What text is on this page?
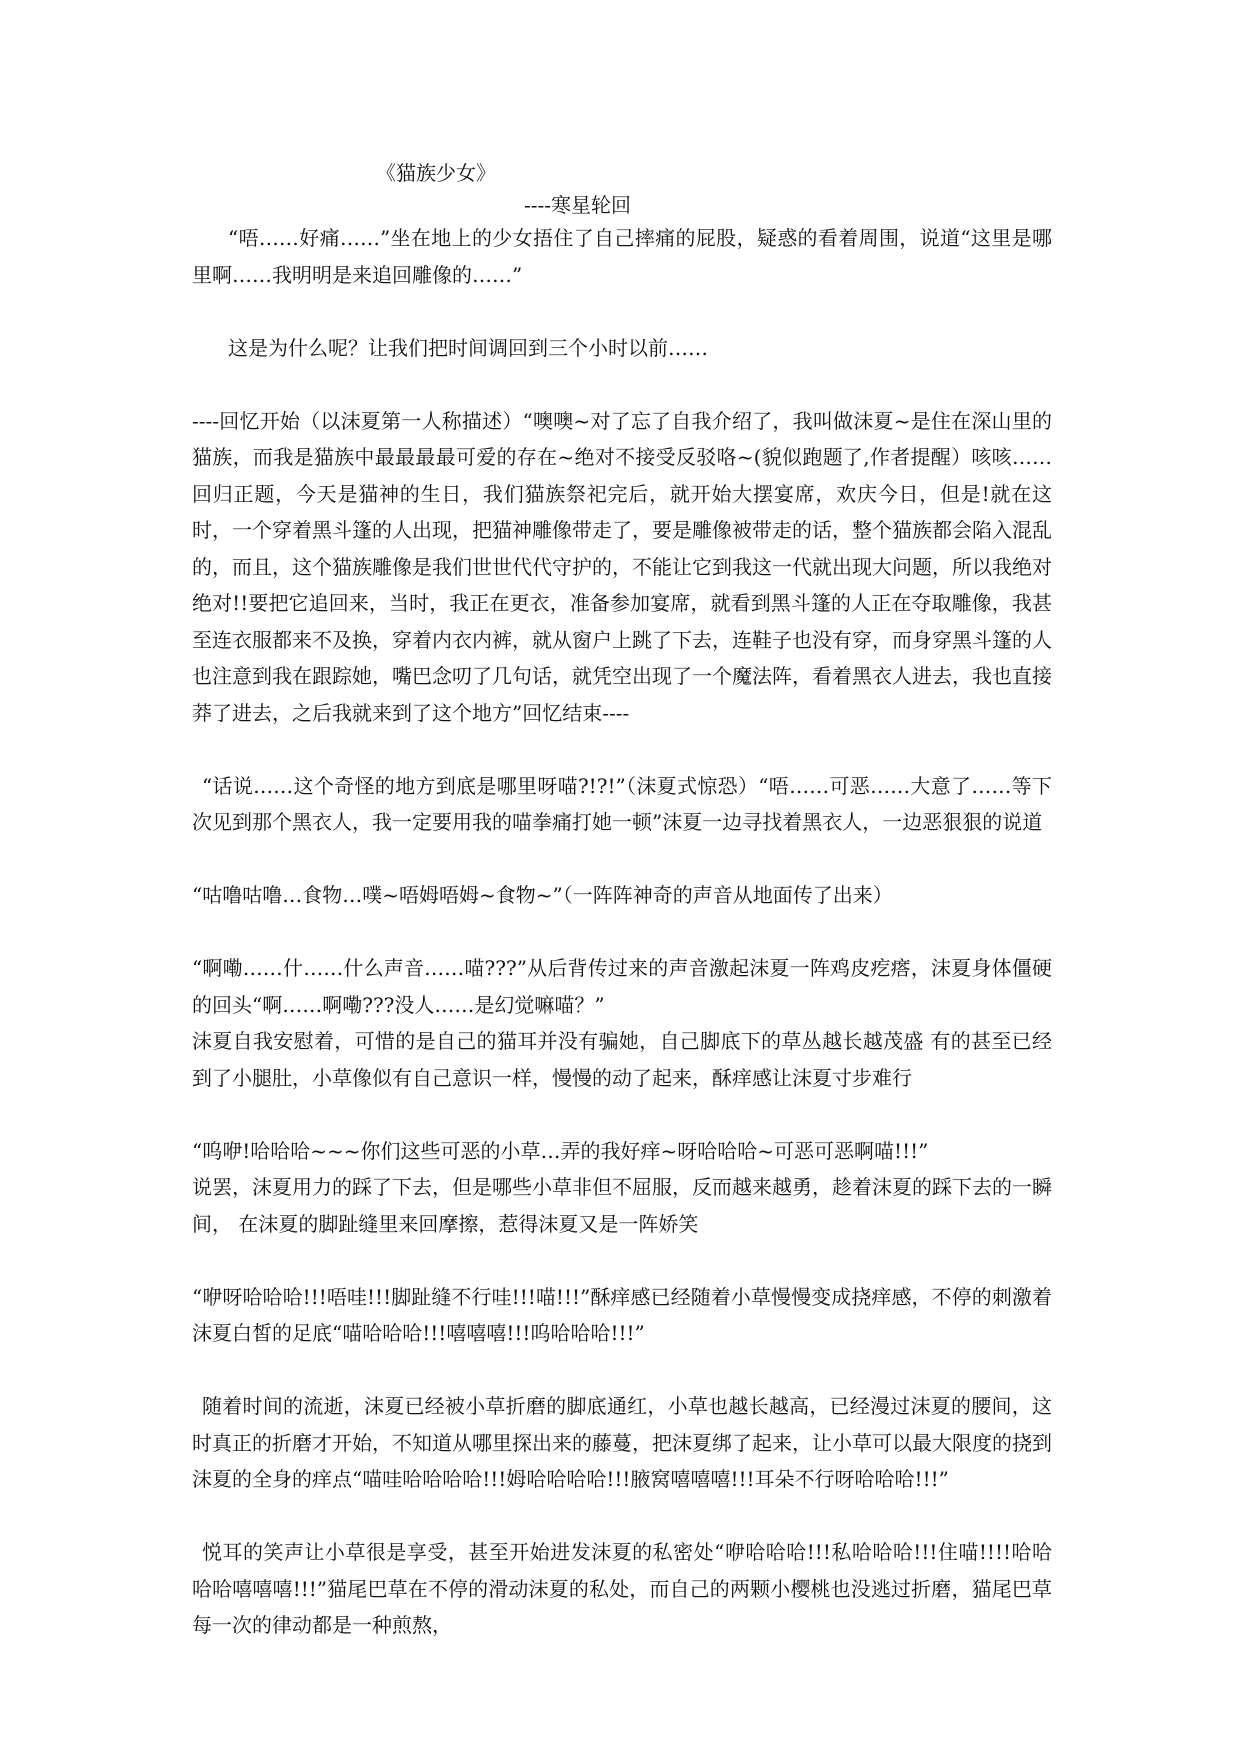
《猫族少女》
----寒星轮回

“唔……好痛……”坐在地上的少女捂住了自己摔痛的屁股，疑惑的看着周围，说道“这里是哪里啊……我明明是来追回雕像的……”

这是为什么呢？让我们把时间调回到三个小时以前……

----回忆开始（以沫夏第一人称描述）“噢噢~对了忘了自我介绍了，我叫做沫夏~是住在深山里的猫族，而我是猫族中最最最最可爱的存在~绝对不接受反驳咯~(貌似跑题了,作者提醒）咳咳……回归正题，今天是猫神的生日，我们猫族祭祀完后，就开始大摆宴席，欢庆今日，但是!就在这时，一个穿着黑斗篷的人出现，把猫神雕像带走了，要是雕像被带走的话，整个猫族都会陷入混乱的，而且，这个猫族雕像是我们世世代代守护的，不能让它到我这一代就出现大问题，所以我绝对绝对!!要把它追回来，当时，我正在更衣，准备参加宴席，就看到黑斗篷的人正在夺取雕像，我甚至连衣服都来不及换，穿着内衣内裤，就从窗户上跳了下去，连鞋子也没有穿，而身穿黑斗篷的人也注意到我在跟踪她，嘴巴念叨了几句话，就凭空出现了一个魔法阵，看着黑衣人进去，我也直接莽了进去，之后我就来到了这个地方”回忆结束----

“话说……这个奇怪的地方到底是哪里呀喵?!?!”（沫夏式惊恐）“唔……可恶……大意了……等下次见到那个黑衣人，我一定要用我的喵拳痛打她一顿”沫夏一边寻找着黑衣人，一边恶狠狠的说道

“咕噜咕噜…食物…噗~唔姆唔姆~食物~”（一阵阵神奇的声音从地面传了出来）

“啊嘞……什……什么声音……喵???”从后背传过来的声音激起沫夏一阵鸡皮疙瘩，沫夏身体僵硬的回头“啊……啊嘞???没人……是幻觉嘛喵？”

沫夏自我安慰着，可惜的是自己的猫耳并没有骗她，自己脚底下的草丛越长越茂盛 有的甚至已经到了小腿肚，小草像似有自己意识一样，慢慢的动了起来，酥痒感让沫夏寸步难行

“呜咿!哈哈哈~~~你们这些可恶的小草…弄的我好痒~呀哈哈哈~可恶可恶啊喵!!!”

说罢，沫夏用力的踩了下去，但是哪些小草非但不屈服，反而越来越勇，趁着沫夏的踩下去的一瞬间， 在沫夏的脚趾缝里来回摩擦，惹得沫夏又是一阵娇笑

“咿呀哈哈哈!!!唔哇!!!脚趾缝不行哇!!!喵!!!”酥痒感已经随着小草慢慢变成挠痒感，不停的刺激着沫夏白皙的足底“喵哈哈哈!!!嘻嘻嘻!!!呜哈哈哈!!!”

随着时间的流逝，沫夏已经被小草折磨的脚底通红，小草也越长越高，已经漫过沫夏的腰间，这时真正的折磨才开始，不知道从哪里探出来的藤蔓，把沫夏绑了起来，让小草可以最大限度的挠到沫夏的全身的痒点“喵哇哈哈哈哈!!!姆哈哈哈哈!!!腋窝嘻嘻嘻!!!耳朵不行呀哈哈哈!!!”

悦耳的笑声让小草很是享受，甚至开始进发沫夏的私密处“咿哈哈哈!!!私哈哈哈!!!住喵!!!!哈哈哈哈嘻嘻嘻!!!”猫尾巴草在不停的滑动沫夏的私处，而自己的两颗小樱桃也没逃过折磨，猫尾巴草每一次的律动都是一种煎熬，
